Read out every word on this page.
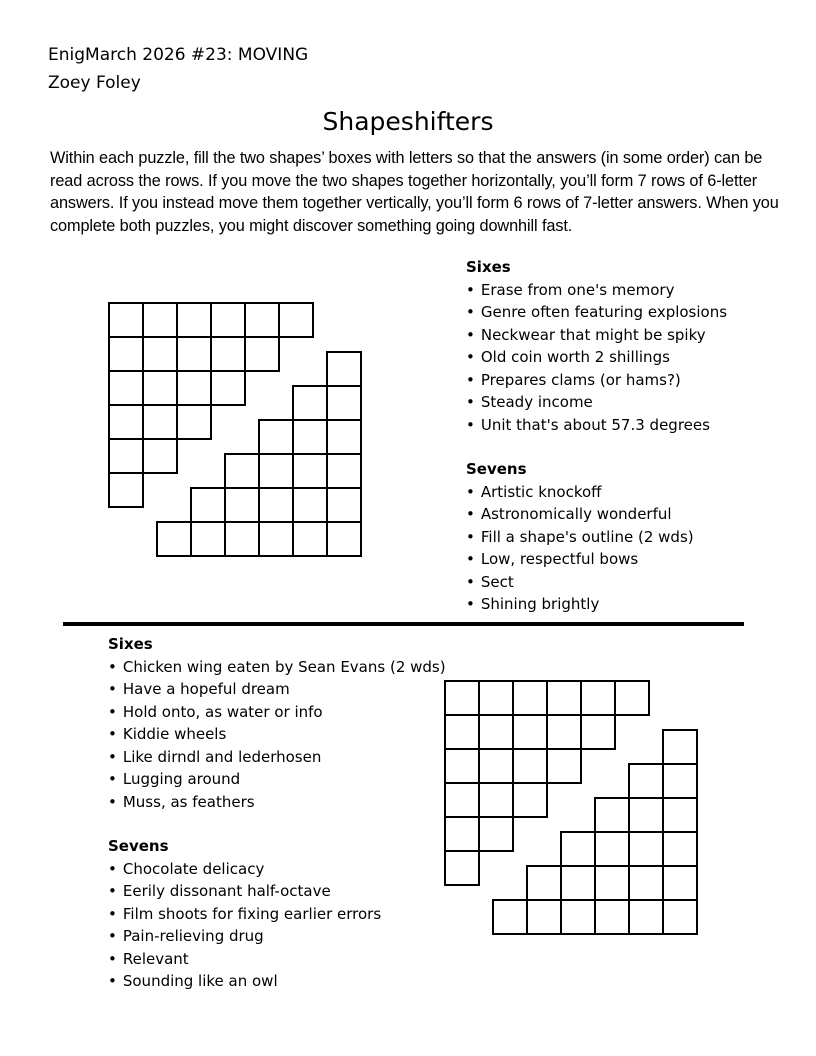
EnigMarch 2026 #23: MOVING
Zoey Foley
Shapeshifters
Within each puzzle, fill the two shapes’ boxes with letters so that the answers (in some order) can be read across the rows. If you move the two shapes together horizontally, you’ll form 7 rows of 6-letter answers. If you instead move them together vertically, you’ll form 6 rows of 7-letter answers. When you complete both puzzles, you might discover something going downhill fast.
Sixes
• Erase from one's memory
• Genre often featuring explosions
• Neckwear that might be spiky
• Old coin worth 2 shillings
• Prepares clams (or hams?)
• Steady income
• Unit that's about 57.3 degrees
Sevens
• Artistic knockoff
• Astronomically wonderful
• Fill a shape's outline (2 wds)
• Low, respectful bows
• Sect
• Shining brightly
Sixes
• Chicken wing eaten by Sean Evans (2 wds)
• Have a hopeful dream
• Hold onto, as water or info
• Kiddie wheels
• Like dirndl and lederhosen
• Lugging around
• Muss, as feathers
Sevens
• Chocolate delicacy
• Eerily dissonant half-octave
• Film shoots for fixing earlier errors
• Pain-relieving drug
• Relevant
• Sounding like an owl
